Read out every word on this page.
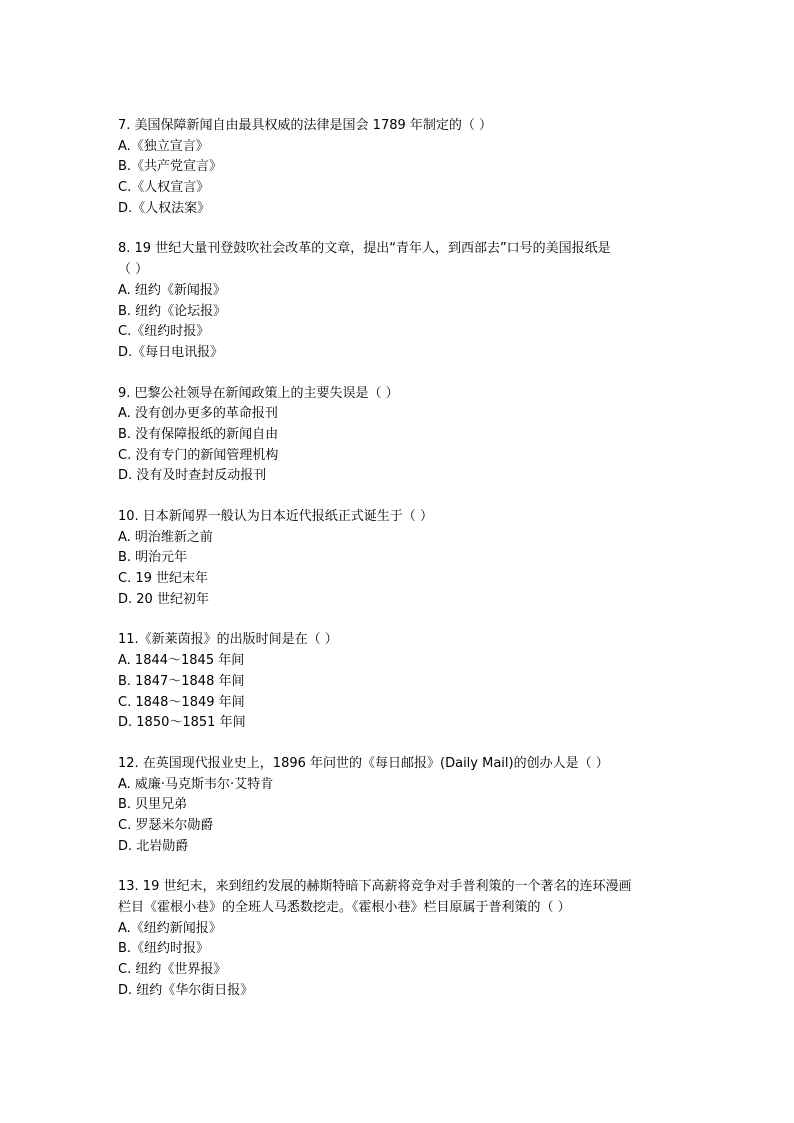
7. 美国保障新闻自由最具权威的法律是国会 1789 年制定的（ ）
A.《独立宣言》
B.《共产党宣言》
C.《人权宣言》
D.《人权法案》
8. 19 世纪大量刊登鼓吹社会改革的文章，提出“青年人，到西部去”口号的美国报纸是
（ ）
A. 纽约《新闻报》
B. 纽约《论坛报》
C.《纽约时报》
D.《每日电讯报》
9. 巴黎公社领导在新闻政策上的主要失误是（ ）
A. 没有创办更多的革命报刊
B. 没有保障报纸的新闻自由
C. 没有专门的新闻管理机构
D. 没有及时查封反动报刊
10. 日本新闻界一般认为日本近代报纸正式诞生于（ ）
A. 明治维新之前
B. 明治元年
C. 19 世纪末年
D. 20 世纪初年
11.《新莱茵报》的出版时间是在（ ）
A. 1844～1845 年间
B. 1847～1848 年间
C. 1848～1849 年间
D. 1850～1851 年间
12. 在英国现代报业史上，1896 年问世的《每日邮报》(Daily Mail)的创办人是（ ）
A. 威廉·马克斯韦尔·艾特肯
B. 贝里兄弟
C. 罗瑟米尔勋爵
D. 北岩勋爵
13. 19 世纪末，来到纽约发展的赫斯特暗下高薪将竞争对手普利策的一个著名的连环漫画
栏目《霍根小巷》的全班人马悉数挖走。《霍根小巷》栏目原属于普利策的（ ）
A.《纽约新闻报》
B.《纽约时报》
C. 纽约《世界报》
D. 纽约《华尔街日报》
